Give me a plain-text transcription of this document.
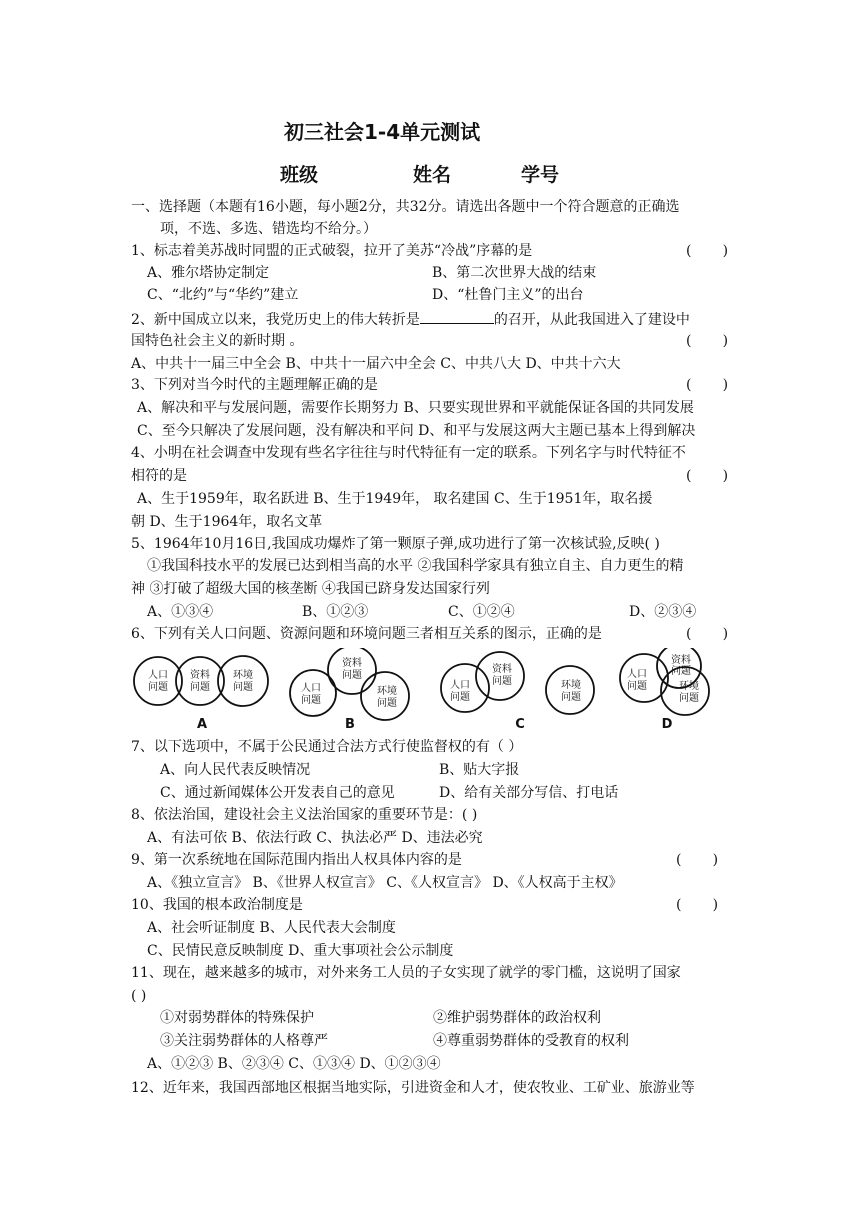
初三社会1-4单元测试
班级	姓名	学号
一、选择题（本题有16小题，每小题2分，共32分。请选出各题中一个符合题意的正确选
项，不选、多选、错选均不给分。）
1、标志着美苏战时同盟的正式破裂，拉开了美苏“冷战”序幕的是	(       )
A、雅尔塔协定制定	B、第二次世界大战的结束
C、“北约”与“华约”建立	D、“杜鲁门主义”的出台
2、新中国成立以来，我党历史上的伟大转折是	的召开，从此我国进入了建设中
国特色社会主义的新时期 。	(       )
A、中共十一届三中全会 B、中共十一届六中全会 C、中共八大 D、中共十六大
3、下列对当今时代的主题理解正确的是	(       )
A、解决和平与发展问题，需要作长期努力 B、只要实现世界和平就能保证各国的共同发展
C、至今只解决了发展问题，没有解决和平问 D、和平与发展这两大主题已基本上得到解决
4、小明在社会调查中发现有些名字往往与时代特征有一定的联系。下列名字与时代特征不
相符的是	(       )
A、生于1959年，取名跃进 B、生于1949年， 取名建国 C、生于1951年，取名援
朝 D、生于1964年，取名文革
5、1964年10月16日,我国成功爆炸了第一颗原子弹,成功进行了第一次核试验,反映( )
①我国科技水平的发展已达到相当高的水平 ②我国科学家具有独立自主、自力更生的精
神 ③打破了超级大国的核垄断 ④我国已跻身发达国家行列
A、①③④	B、①②③	C、①②④	D、②③④
6、下列有关人口问题、资源问题和环境问题三者相互关系的图示，正确的是	(       )
人口
问题
资料
问题
环境
问题
资料
问题
人口
问题
环境
问题
人口
问题
资料
问题	环境
问题
人口
问题
资料
问题
环境
问题
A	B	C	D
7、以下选项中，不属于公民通过合法方式行使监督权的有（ ）
A、向人民代表反映情况	B、贴大字报
C、通过新闻媒体公开发表自己的意见	D、给有关部分写信、打电话
8、依法治国，建设社会主义法治国家的重要环节是：( )
A、有法可依 B、依法行政 C、执法必严 D、违法必究
9、第一次系统地在国际范围内指出人权具体内容的是	(       )
A、《独立宣言》 B、《世界人权宣言》 C、《人权宣言》 D、《人权高于主权》
10、我国的根本政治制度是	(       )
A、社会听证制度 B、人民代表大会制度
C、民情民意反映制度 D、重大事项社会公示制度
11、现在，越来越多的城市，对外来务工人员的子女实现了就学的零门槛，这说明了国家
( )
①对弱势群体的特殊保护	②维护弱势群体的政治权利
③关注弱势群体的人格尊严	④尊重弱势群体的受教育的权利
A、①②③ B、②③④ C、①③④ D、①②③④
12、近年来，我国西部地区根据当地实际，引进资金和人才，使农牧业、工矿业、旅游业等
